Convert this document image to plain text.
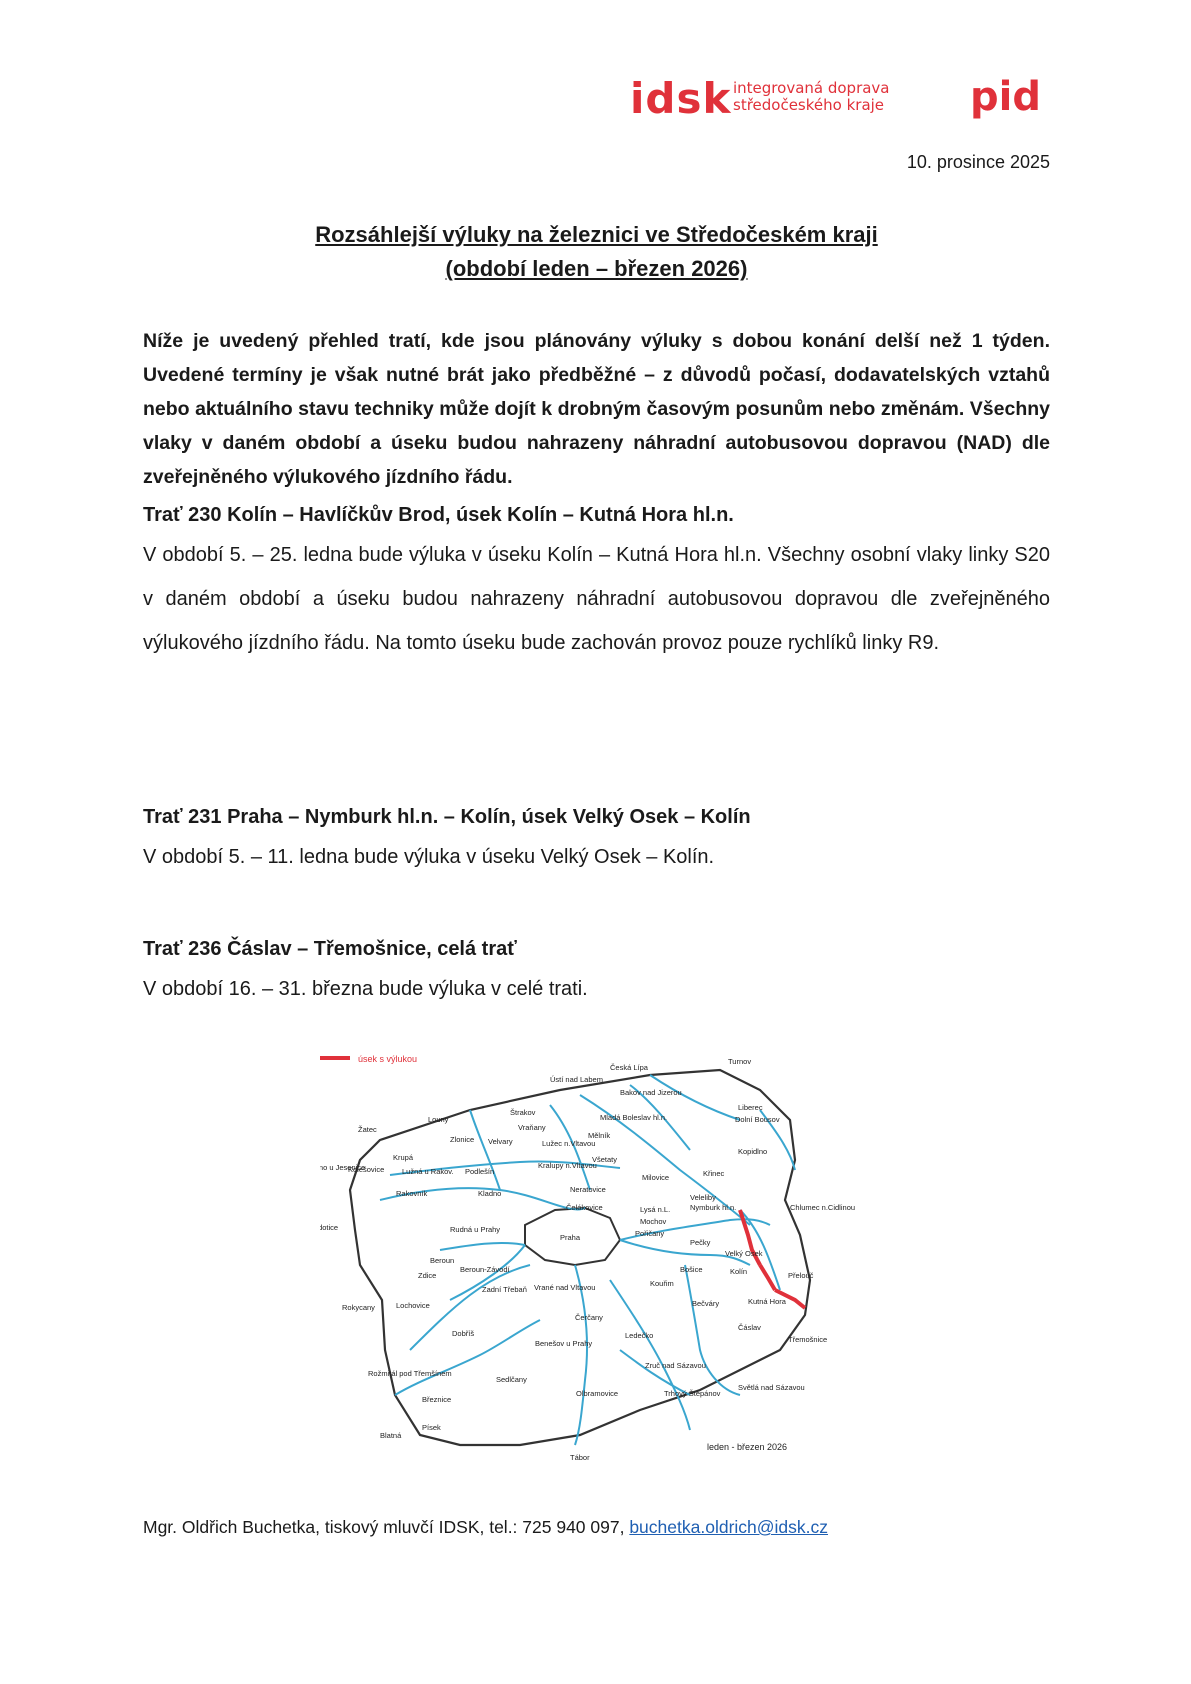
idsk integrovaná doprava
středočeského kraje pid
10. prosince 2025
Rozsáhlejší výluky na železnici ve Středočeském kraji
(období leden – březen 2026)
Níže je uvedený přehled tratí, kde jsou plánovány výluky s dobou konání delší než 1 týden. Uvedené termíny je však nutné brát jako předběžné – z důvodů počasí, dodavatelských vztahů nebo aktuálního stavu techniky může dojít k drobným časovým posunům nebo změnám. Všechny vlaky v daném období a úseku budou nahrazeny náhradní autobusovou dopravou (NAD) dle zveřejněného výlukového jízdního řádu.
Trať 230 Kolín – Havlíčkův Brod, úsek Kolín – Kutná Hora hl.n.
V období 5. – 25. ledna bude výluka v úseku Kolín – Kutná Hora hl.n. Všechny osobní vlaky linky S20 v daném období a úseku budou nahrazeny náhradní autobusovou dopravou dle zveřejněného výlukového jízdního řádu. Na tomto úseku bude zachován provoz pouze rychlíků linky R9.
Trať 231 Praha – Nymburk hl.n. – Kolín, úsek Velký Osek – Kolín
V období 5. – 11. ledna bude výluka v úseku Velký Osek – Kolín.
Trať 236 Čáslav – Třemošnice, celá trať
V období 16. – 31. března bude výluka v celé trati.
úsek s výlukou
Česká Lípa
Turnov
Ústí nad Labem
Bakov nad Jizerou
Liberec
Dolní Bousov
Štrakov
Louny
Žatec	Vraňany
Mladá Boleslav hl.n.
Mělník
Zlonice Velvary	Lužec n.Vltavou
Kopidlno
Všetaty
Krupá
Kolešovice Lužná u Rakov. Podlešín
Kralupy n.Vltavou
Milovice	Křinec
no u Jesenice
Rakovník	Kladno	Neratovice
Čelákovice
Veleliby
Nymburk hl.n.	Chlumec n.Cidlinou
dotice
Lysá n.L.
Mochov
Pořičany
Rudná u Prahy
Praha
Beroun
Beroun-Závodí
Pečky
Velký Osek
Kolín	Přelouč
Zdice
Zadní Třebaň Vrané nad Vltavou
Bošice
Kouřim
Rokycany	Lochovice	Kutná Hora
Bečváry
Čerčany
Čáslav
Třemošnice
Dobříš	Ledečko
Benešov u Prahy
Zruč nad Sázavou
Světlá nad Sázavou
Rožmitál pod Třemšínem
Sedlčany
Olbramovice	Trhový Štěpánov
Březnice
Písek
Blatná
Tábor
leden - březen 2026
Mgr. Oldřich Buchetka, tiskový mluvčí IDSK, tel.: 725 940 097, buchetka.oldrich@idsk.cz
